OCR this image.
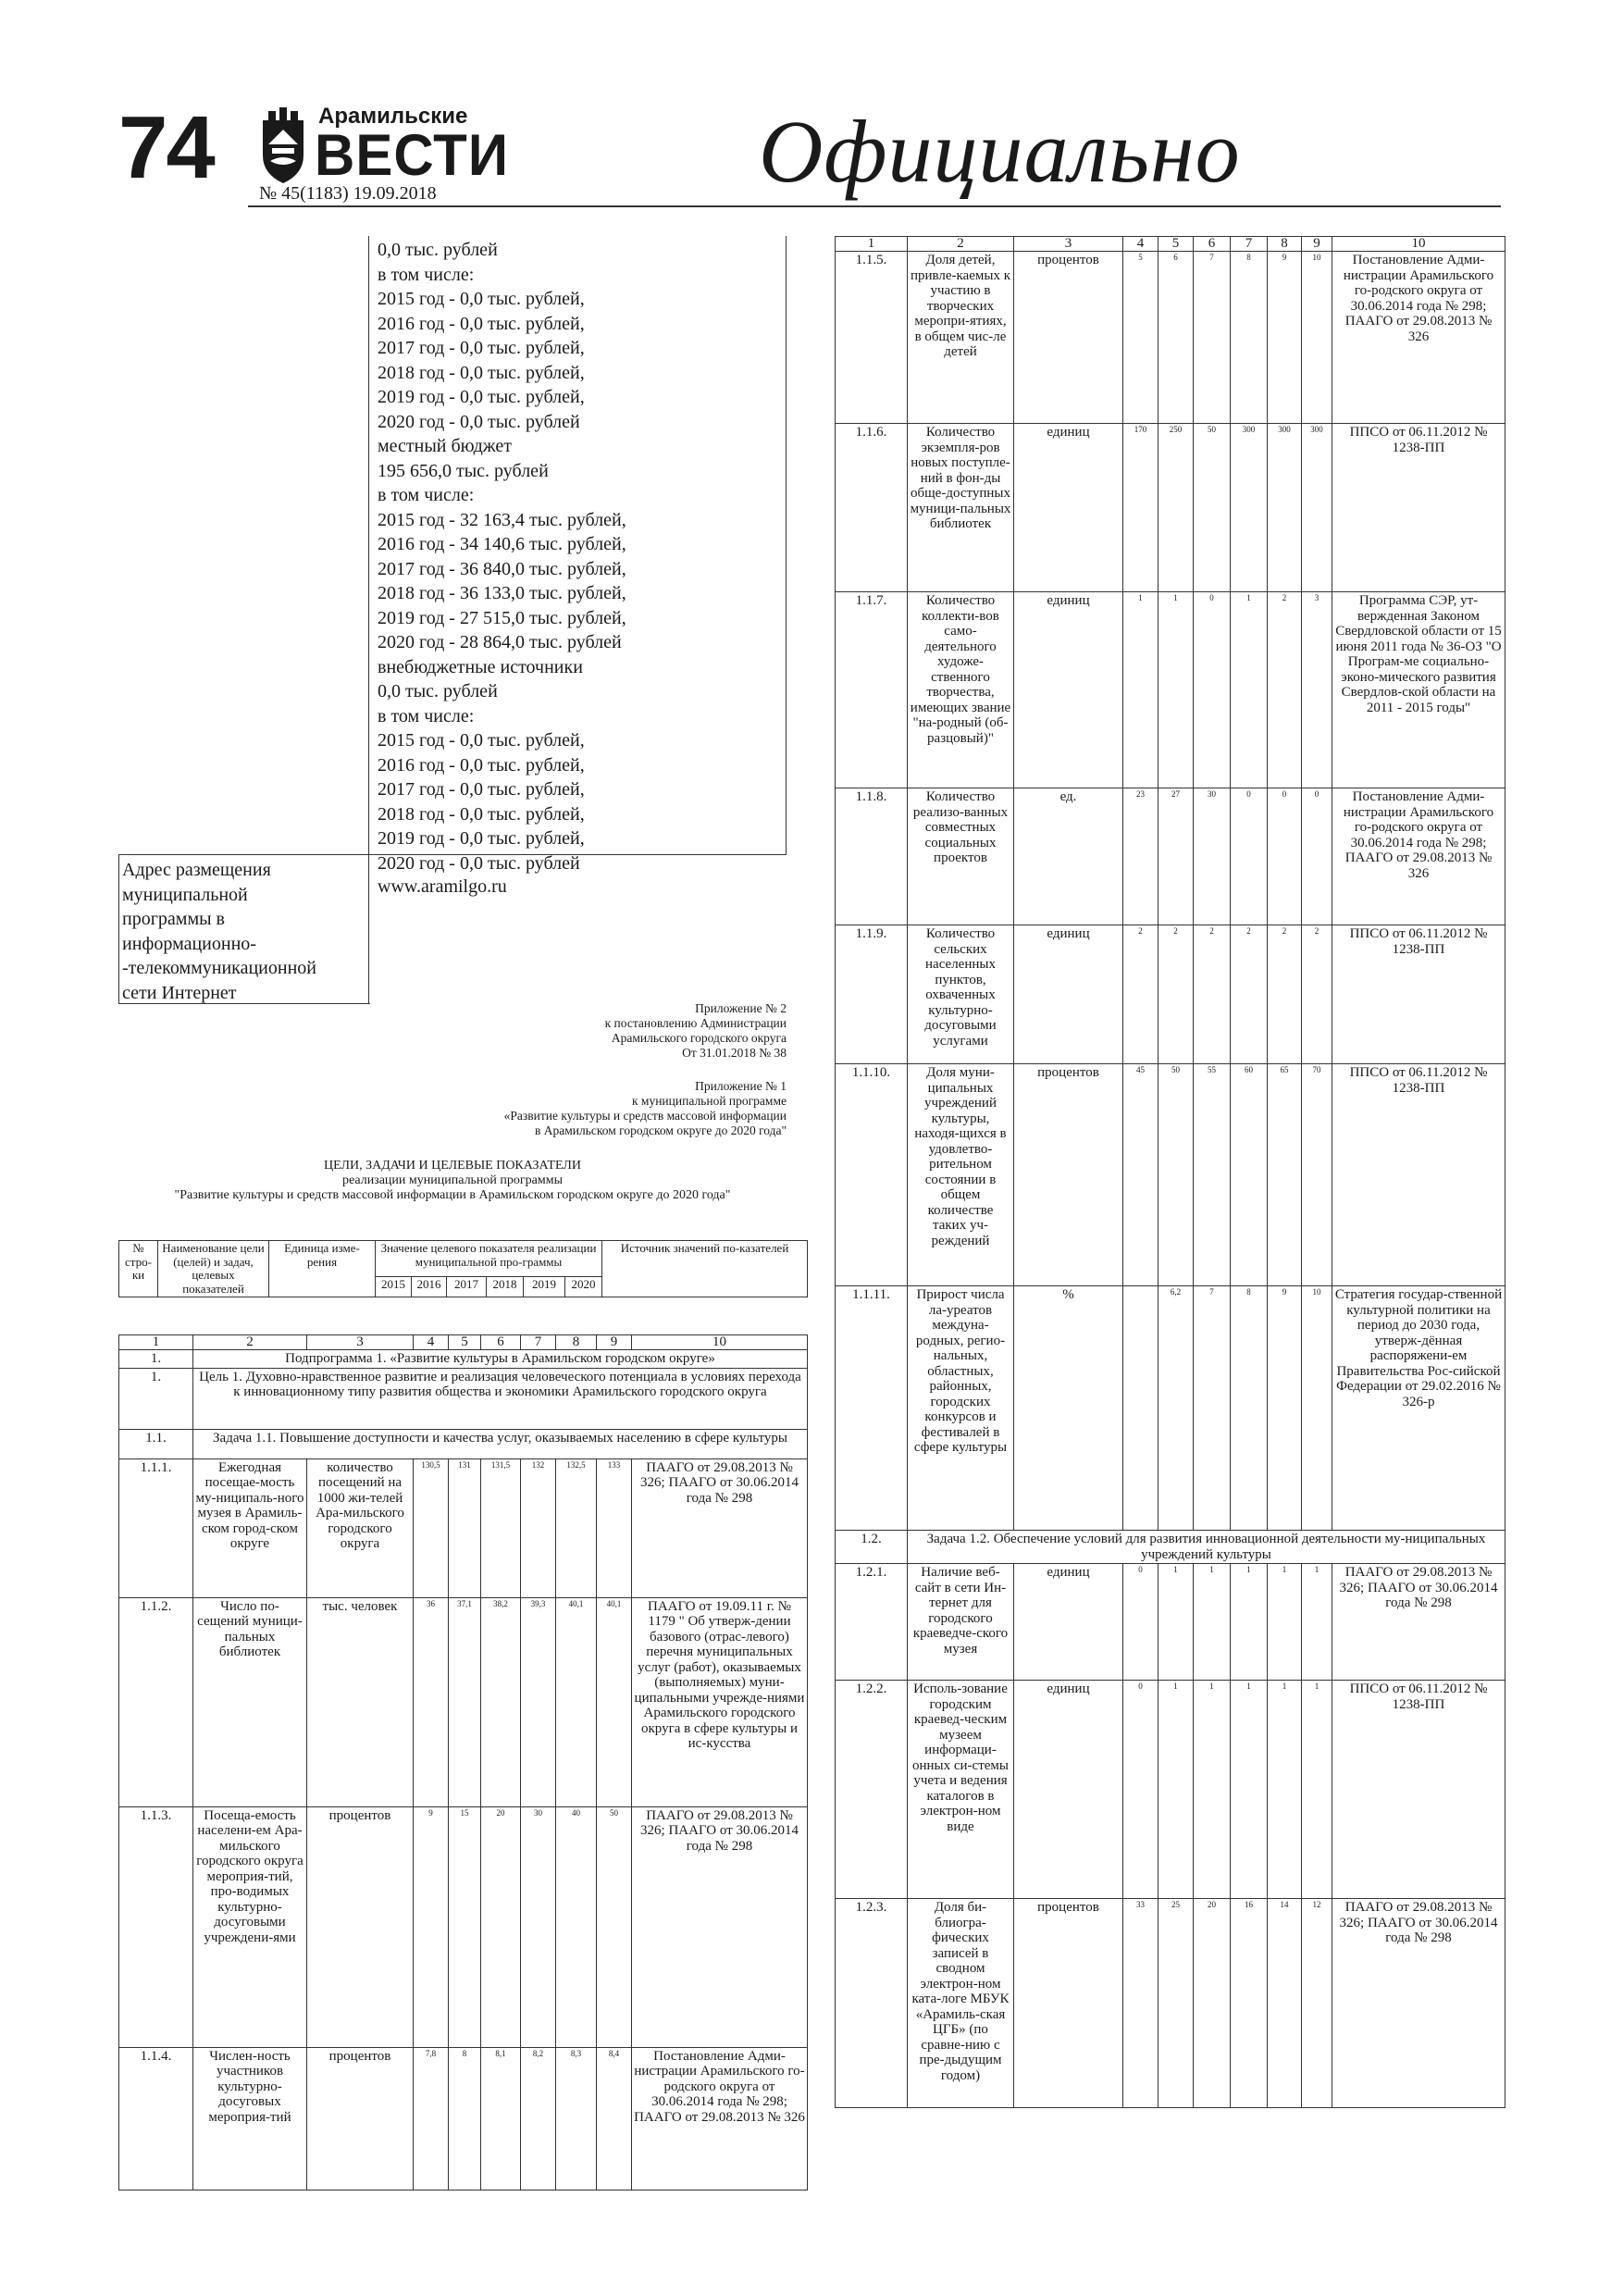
74	Арамильские
ВЕСТИ
№ 45(1183) 19.09.2018	Официально
0,0 тыс. рублей
в том числе:
2015 год - 0,0 тыс. рублей,
2016 год - 0,0 тыс. рублей,
2017 год - 0,0 тыс. рублей,
2018 год - 0,0 тыс. рублей,
2019 год - 0,0 тыс. рублей,
2020 год - 0,0 тыс. рублей
местный бюджет
195 656,0 тыс. рублей
в том числе:
2015 год - 32 163,4 тыс. рублей,
2016 год - 34 140,6 тыс. рублей,
2017 год - 36 840,0 тыс. рублей,
2018 год - 36 133,0 тыс. рублей,
2019 год - 27 515,0 тыс. рублей,
2020 год - 28 864,0 тыс. рублей
внебюджетные источники
0,0 тыс. рублей
в том числе:
2015 год - 0,0 тыс. рублей,
2016 год - 0,0 тыс. рублей,
2017 год - 0,0 тыс. рублей,
2018 год - 0,0 тыс. рублей,
2019 год - 0,0 тыс. рублей,
2020 год - 0,0 тыс. рублей
Адрес размещения
муниципальной
программы в
информационно-
-телекоммуникационной
сети Интернет
www.aramilgo.ru
Приложение № 2
к постановлению Администрации
Арамильского городского округа
От 31.01.2018 № 38
Приложение № 1
к муниципальной программе
«Развитие культуры и средств массовой информации
в Арамильском городском округе до 2020 года"
ЦЕЛИ, ЗАДАЧИ И ЦЕЛЕВЫЕ ПОКАЗАТЕЛИ
реализации муниципальной программы
"Развитие культуры и средств массовой информации в Арамильском городском округе до 2020 года"
№ стро-ки	Наименование цели (целей) и задач, целевых показателей	Единица изме-рения	Значение целевого показателя реализации муниципальной про-граммы						Источник значений по-казателей
			2015	2016	2017	2018	2019	2020	
1	2	3	4	5	6	7	8	9	10
1.	Подпрограмма 1. «Развитие культуры в Арамильском городском округе»								
1.	Цель 1. Духовно-нравственное развитие и реализация человеческого потенциала в условиях перехода к инновационному типу развития общества и экономики Арамильского городского округа								
1.1.	Задача 1.1. Повышение доступности и качества услуг, оказываемых населению в сфере культуры								
1.1.1.	Ежегодная посещае-мость му-ниципаль-ного музея в Арамиль-ском город-ском округе	количество посещений на 1000 жи-телей Ара-мильского городского округа	130,5	131	131,5	132	132,5	133	ПААГО от 29.08.2013 № 326; ПААГО от 30.06.2014 года № 298
1.1.2.	Число по-сещений муници-пальных библиотек	тыс. человек	36	37,1	38,2	39,3	40,1	40,1	ПААГО от 19.09.11 г. № 1179 " Об утверж-дении базового (отрас-левого) перечня муниципальных услуг (работ), оказываемых (выполняемых) муни-ципальными учрежде-ниями Арамильского городского округа в сфере культуры и ис-кусства
1.1.3.	Посеща-емость населени-ем Ара-мильского городского округа мероприя-тий, про-водимых культурно-досуговыми учреждени-ями	процентов	9	15	20	30	40	50	ПААГО от 29.08.2013 № 326; ПААГО от 30.06.2014 года № 298
1.1.4.	Числен-ность участников культурно-досуговых мероприя-тий	процентов	7,8	8	8,1	8,2	8,3	8,4	Постановление Адми-нистрации Арамильского го-родского округа от 30.06.2014 года № 298; ПААГО от 29.08.2013 № 326
1	2	3	4	5	6	7	8	9	10
1.1.5.	Доля детей, привле-каемых к участию в творческих меропри-ятиях, в общем чис-ле детей	процентов	5	6	7	8	9	10	Постановление Адми-нистрации Арамильского го-родского округа от 30.06.2014 года № 298; ПААГО от 29.08.2013 № 326
1.1.6.	Количество экземпля-ров новых поступле-ний в фон-ды обще-доступных муници-пальных библиотек	единиц	170	250	50	300	300	300	ППСО от 06.11.2012 № 1238-ПП
1.1.7.	Количество коллекти-вов само-деятельного художе-ственного творчества, имеющих звание "на-родный (об-разцовый)"	единиц	1	1	0	1	2	3	Программа СЭР, ут-вержденная Законом Свердловской области от 15 июня 2011 года № 36-ОЗ "О Програм-ме социально-эконо-мического развития Свердлов-ской области на 2011 - 2015 годы"
1.1.8.	Количество реализо-ванных совместных социальных проектов	ед.	23	27	30	0	0	0	Постановление Адми-нистрации Арамильского го-родского округа от 30.06.2014 года № 298; ПААГО от 29.08.2013 № 326
1.1.9.	Количество сельских населенных пунктов, охваченных культурно-досуговыми услугами	единиц	2	2	2	2	2	2	ППСО от 06.11.2012 № 1238-ПП
1.1.10.	Доля муни-ципальных учреждений культуры, находя-щихся в удовлетво-рительном состоянии в общем количестве таких уч-реждений	процентов	45	50	55	60	65	70	ППСО от 06.11.2012 № 1238-ПП
1.1.11.	Прирост числа ла-уреатов междуна-родных, регио-нальных, областных, районных, городских конкурсов и фестивалей в сфере культуры	%		6,2	7	8	9	10	Стратегия государ-ственной культурной политики на период до 2030 года, утверж-дённая распоряжени-ем Правительства Рос-сийской Федерации от 29.02.2016 № 326-р
1.2.	Задача 1.2. Обеспечение условий для развития инновационной деятельности му-ниципальных учреждений культуры								
1.2.1.	Наличие веб-сайт в сети Ин-тернет для городского краеведче-ского музея	единиц	0	1	1	1	1	1	ПААГО от 29.08.2013 № 326; ПААГО от 30.06.2014 года № 298
1.2.2.	Исполь-зование городским краевед-ческим музеем информаци-онных си-стемы учета и ведения каталогов в электрон-ном виде	единиц	0	1	1	1	1	1	ППСО от 06.11.2012 № 1238-ПП
1.2.3.	Доля би-блиогра-фических записей в сводном электрон-ном ката-логе МБУК «Арамиль-ская ЦГБ» (по сравне-нию с пре-дыдущим годом)	процентов	33	25	20	16	14	12	ПААГО от 29.08.2013 № 326; ПААГО от 30.06.2014 года № 298
